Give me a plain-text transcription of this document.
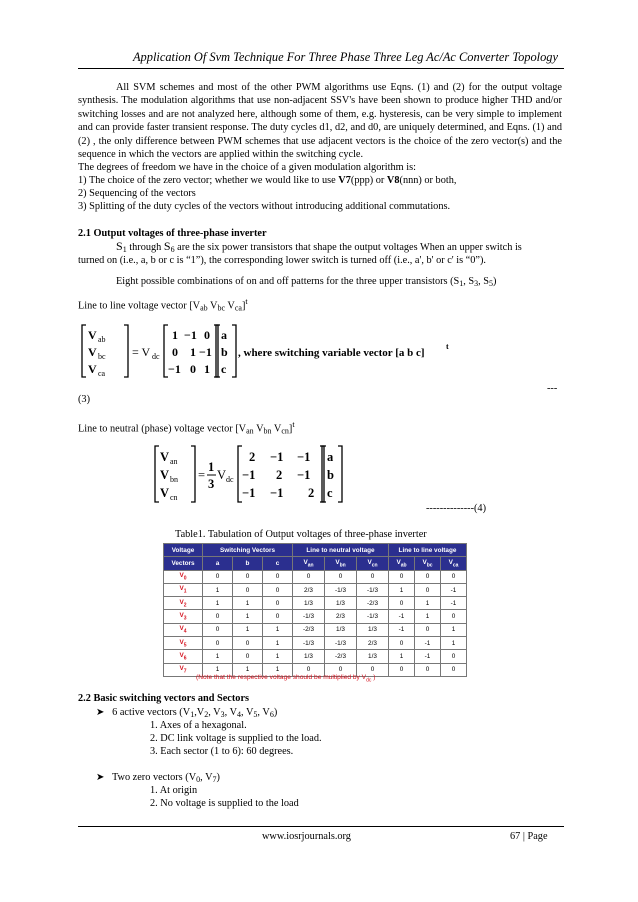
Application Of Svm Technique For Three Phase Three Leg Ac/Ac Converter Topology
All SVM schemes and most of the other PWM algorithms use Eqns. (1) and (2) for the output voltage synthesis. The modulation algorithms that use non-adjacent SSV's have been shown to produce higher THD and/or switching losses and are not analyzed here, although some of them, e.g. hysteresis, can be very simple to implement and can provide faster transient response. The duty cycles d1, d2, and d0, are uniquely determined, and Eqns. (1) and (2) , the only difference between PWM schemes that use adjacent vectors is the choice of the zero vector(s) and the sequence in which the vectors are applied within the switching cycle.
The degrees of freedom we have in the choice of a given modulation algorithm is:
1) The choice of the zero vector; whether we would like to use V7(ppp) or V8(nnn) or both,
2) Sequencing of the vectors
3) Splitting of the duty cycles of the vectors without introducing additional commutations.
2.1 Output voltages of three-phase inverter
$S_1$ through $S_6$ are the six power transistors that shape the output voltages When an upper switch is
turned on (i.e., a, b or c is “1”), the corresponding lower switch is turned off (i.e., a', b' or c' is “0”).
Eight possible combinations of on and off patterns for the three upper transistors ($S_1$, $S_3$, $S_5$)
Line to line voltage vector [$V_{ab}$ $V_{bc}$ $V_{ca}]^t$
V ab
V bc
V ca
= V dc
1 −1 0
0 1 −1
−1 0 1
a
b
c
, where switching variable vector [a b c]
t
---
(3)
Line to neutral (phase) voltage vector [$V_{an}$ $V_{bn}$ $V_{cn}]^t$
V an
V bn
V cn
=
1
3
V dc
2 −1 −1
−1 2 −1
−1 −1 2
a
b
c
--------------(4)
Table1. Tabulation of Output voltages of three-phase inverter
Voltage	Switching Vectors			Line to neutral voltage			Line to line voltage		
Vectors	a	b	c	$V_{an}$	$V_{bn}$	$V_{cn}$	$V_{ab}$	$V_{bc}$	$V_{ca}$
$V_0$	0	0	0	0	0	0	0	0	0
$V_1$	1	0	0	2/3	-1/3	-1/3	1	0	-1
$V_2$	1	1	0	1/3	1/3	-2/3	0	1	-1
$V_3$	0	1	0	-1/3	2/3	-1/3	-1	1	0
$V_4$	0	1	1	-2/3	1/3	1/3	-1	0	1
$V_5$	0	0	1	-1/3	-1/3	2/3	0	-1	1
$V_6$	1	0	1	1/3	-2/3	1/3	1	-1	0
$V_7$	1	1	1	0	0	0	0	0	0
(Note that the respective voltage should be multiplied by $V_{dc}$ )
2.2 Basic switching vectors and Sectors
➤ 6 active vectors ($V_1,V_2$, $V_3$, $V_4$, $V_5$, $V_6$)
1. Axes of a hexagonal.
2. DC link voltage is supplied to the load.
3. Each sector (1 to 6): 60 degrees.
➤ Two zero vectors ($V_0$, $V_7$)
1. At origin
2. No voltage is supplied to the load
www.iosrjournals.org	67 | Page
